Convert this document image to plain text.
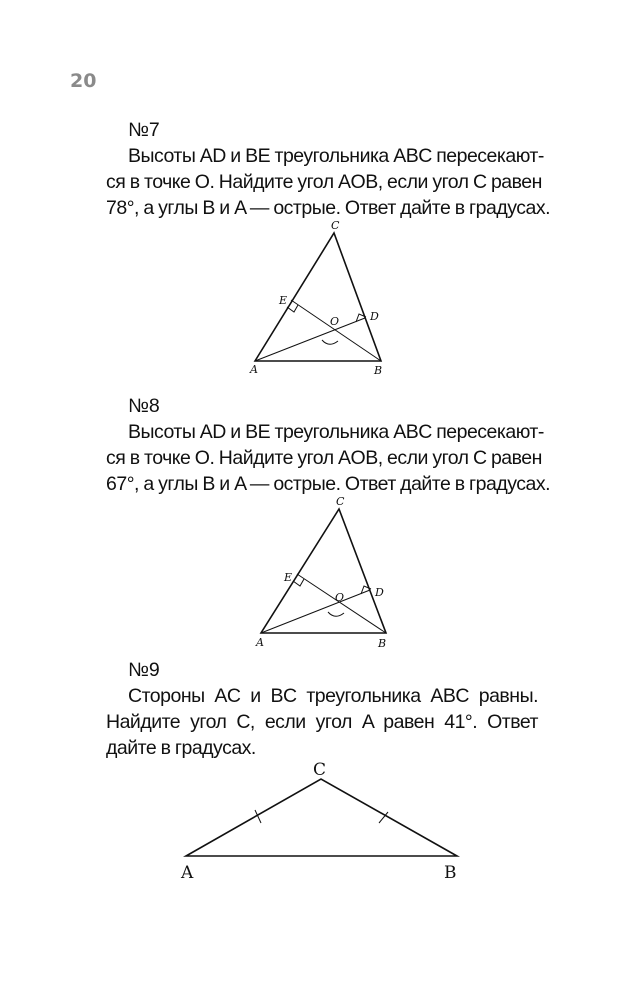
20
№7
Высоты AD и BE треугольника ABC пересекают-
ся в точке O. Найдите угол AOB, если угол C равен
78°, а углы B и A — острые. Ответ дайте в градусах.
C
E
O	D
A	B
№8
Высоты AD и BE треугольника ABC пересекают-
ся в точке O. Найдите угол AOB, если угол C равен
67°, а углы B и A — острые. Ответ дайте в градусах.
C
E
O	D
A	B
№9
Стороны AC и BC треугольника ABC равны.
Найдите угол C, если угол A равен 41°. Ответ
дайте в градусах.
C
A	B
